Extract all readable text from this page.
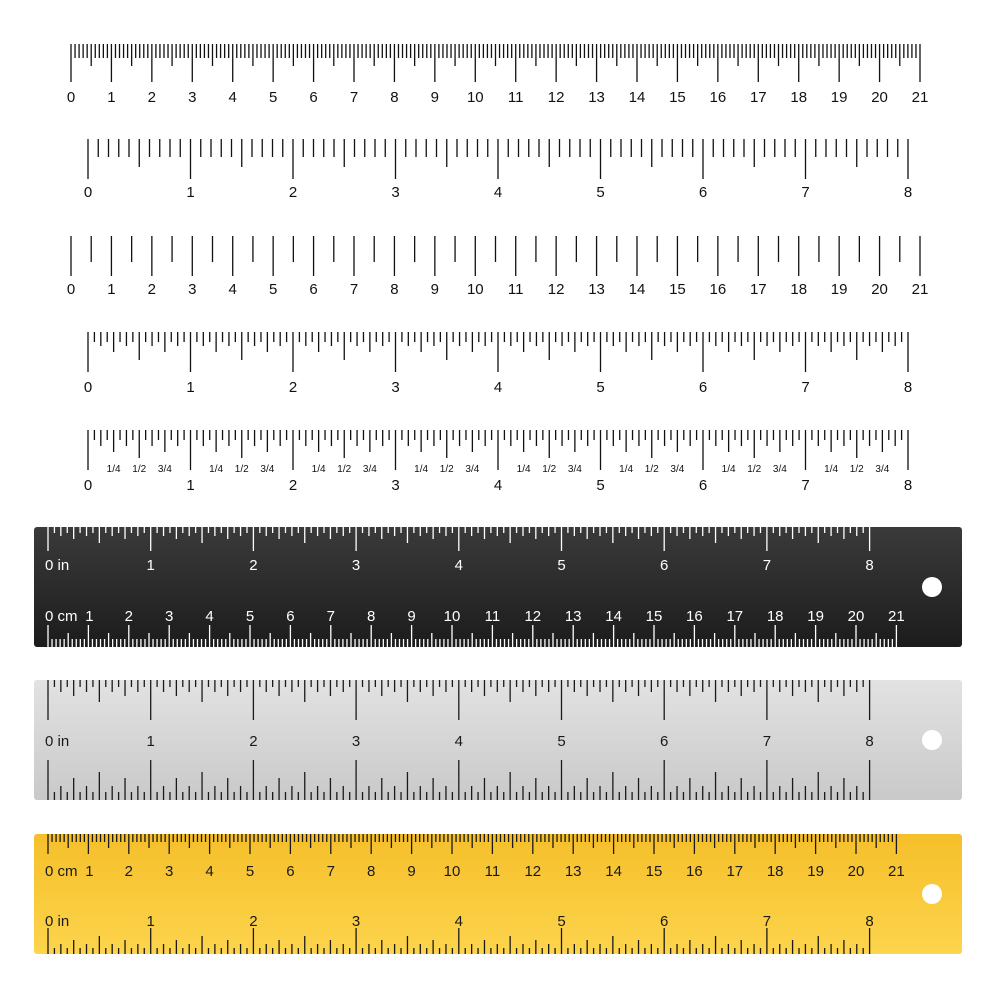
0 1 2 3 4 5 6 7 8 9 10 11 12 13 14 15 16 17 18 19 20 21
0	1	2	3	4	5	6	7	8
0 1 2 3 4 5 6 7 8 9 10 11 12 13 14 15 16 17 18 19 20 21
0	1	2	3	4	5	6	7	8
0	1	2	3	4	5	6	7	8
1/4 1/2 3/4	1/4 1/2 3/4	1/4 1/2 3/4	1/4 1/2 3/4	1/4 1/2 3/4	1/4 1/2 3/4	1/4 1/2 3/4	1/4 1/2 3/4
0 in	1	2	3	4	5	6	7	8
0 cm 1 2 3 4 5 6 7 8 9 10 11 12 13 14 15 16 17 18 19 20 21
0 in	1	2	3	4	5	6	7	8
0 cm 1 2 3 4 5 6 7 8 9 10 11 12 13 14 15 16 17 18 19 20 21
0 in	1	2	3	4	5	6	7	8
